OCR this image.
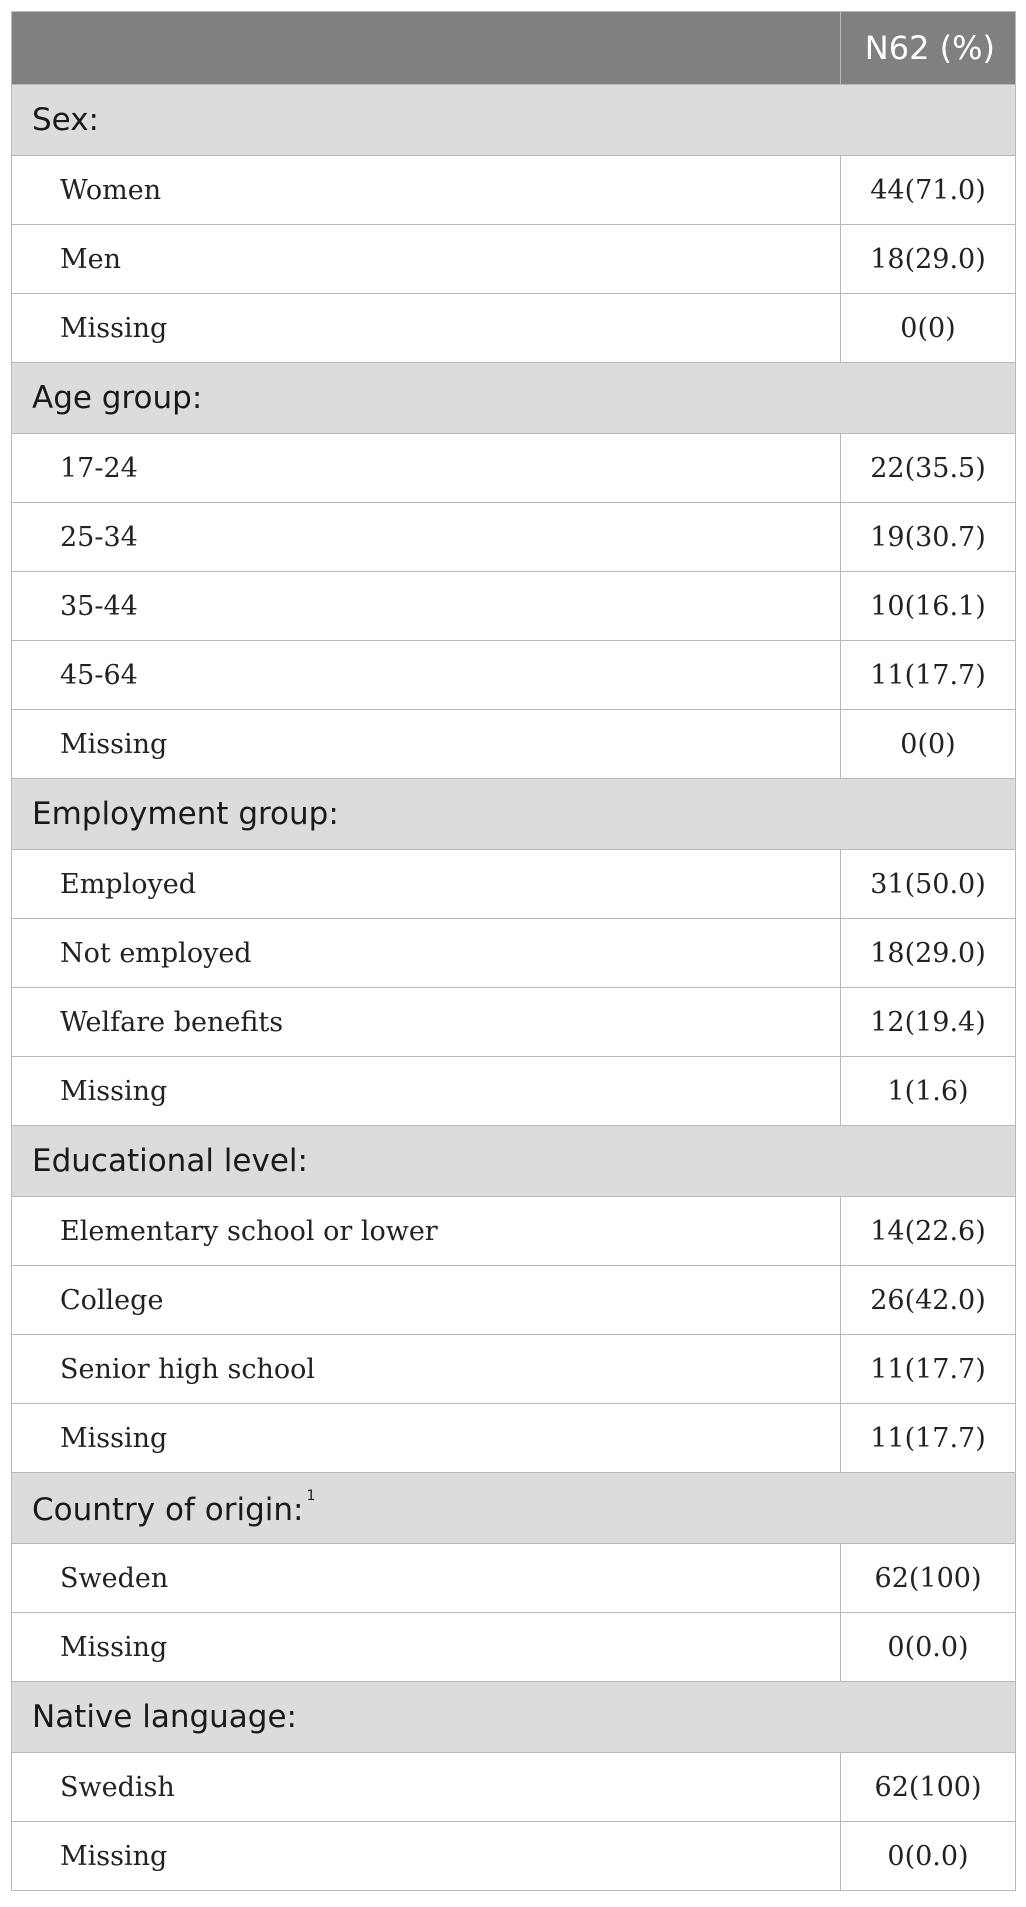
	N62 (%)
Sex:	
Women	44(71.0)
Men	18(29.0)
Missing	0(0)
Age group:	
17-24	22(35.5)
25-34	19(30.7)
35-44	10(16.1)
45-64	11(17.7)
Missing	0(0)
Employment group:	
Employed	31(50.0)
Not employed	18(29.0)
Welfare benefits	12(19.4)
Missing	1(1.6)
Educational level:	
Elementary school or lower	14(22.6)
College	26(42.0)
Senior high school	11(17.7)
Missing	11(17.7)
Country of origin: $^1$
Sweden	62(100)
Missing	0(0.0)
Native language:	
Swedish	62(100)
Missing	0(0.0)
